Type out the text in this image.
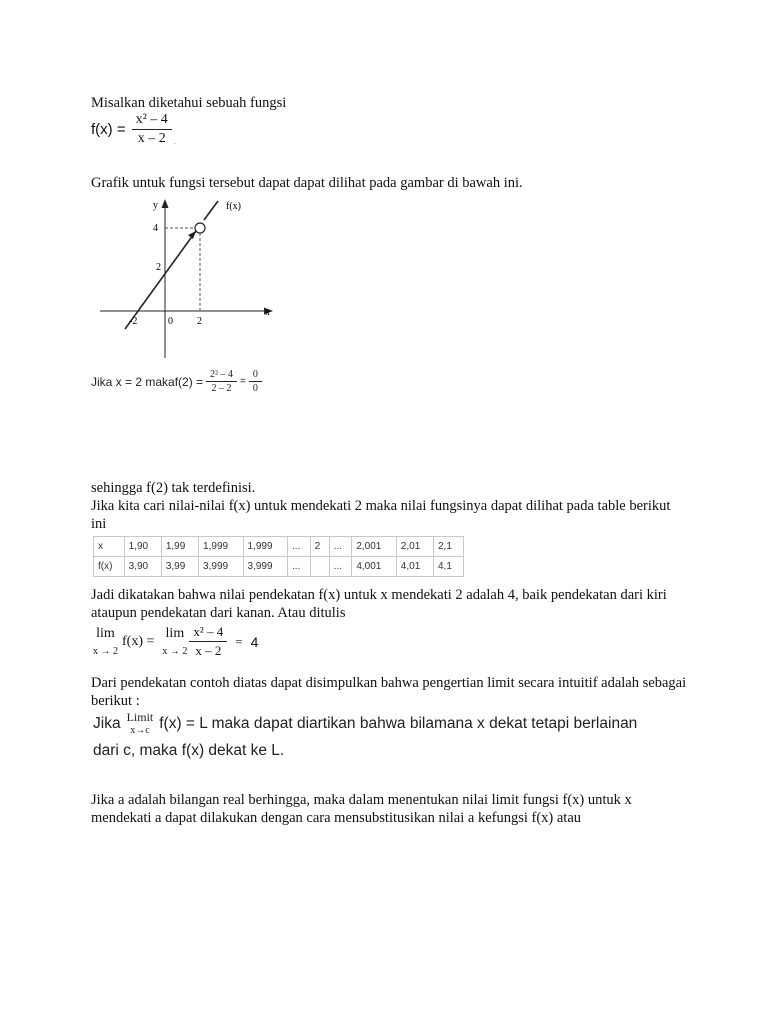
Misalkan diketahui sebuah fungsi
$f(x) = \frac{\text{x² – 4}}{x - 2}$ .
Grafik untuk fungsi tersebut dapat dapat dilihat pada gambar di bawah ini.
y
x
f(x)
4
2
-2	0 2
Jika x = 2 makaf(2) = $\frac{\text{2² – 4}}{2 - 2} = \frac{0}{0}$
sehingga f(2) tak terdefinisi.
Jika kita cari nilai-nilai f(x) untuk mendekati 2 maka nilai fungsinya dapat dilihat pada table berikut ini
x	1,90	1,99	1,999	1,999	...	2	...	2,001	2,01	2,1
f(x)	3,90	3,99	3,999	3,999	...		...	4,001	4,01	4,1
Jadi dikatakan bahwa nilai pendekatan f(x) untuk x mendekati 2 adalah 4, baik pendekatan dari kiri ataupun pendekatan dari kanan. Atau ditulis
lim
x → 2
f(x) =
lim
$x \to 2 \frac{\text{x² – 4}}{x - 2} = 4$
Dari pendekatan contoh diatas dapat disimpulkan bahwa pengertian limit secara intuitif adalah sebagai berikut :
Jika Limit
x→c f(x) = L maka dapat diartikan bahwa bilamana x dekat tetapi berlainan
dari c, maka f(x) dekat ke L.
Jika a adalah bilangan real berhingga, maka dalam menentukan nilai limit fungsi f(x) untuk x mendekati a dapat dilakukan dengan cara mensubstitusikan nilai a kefungsi f(x) atau
